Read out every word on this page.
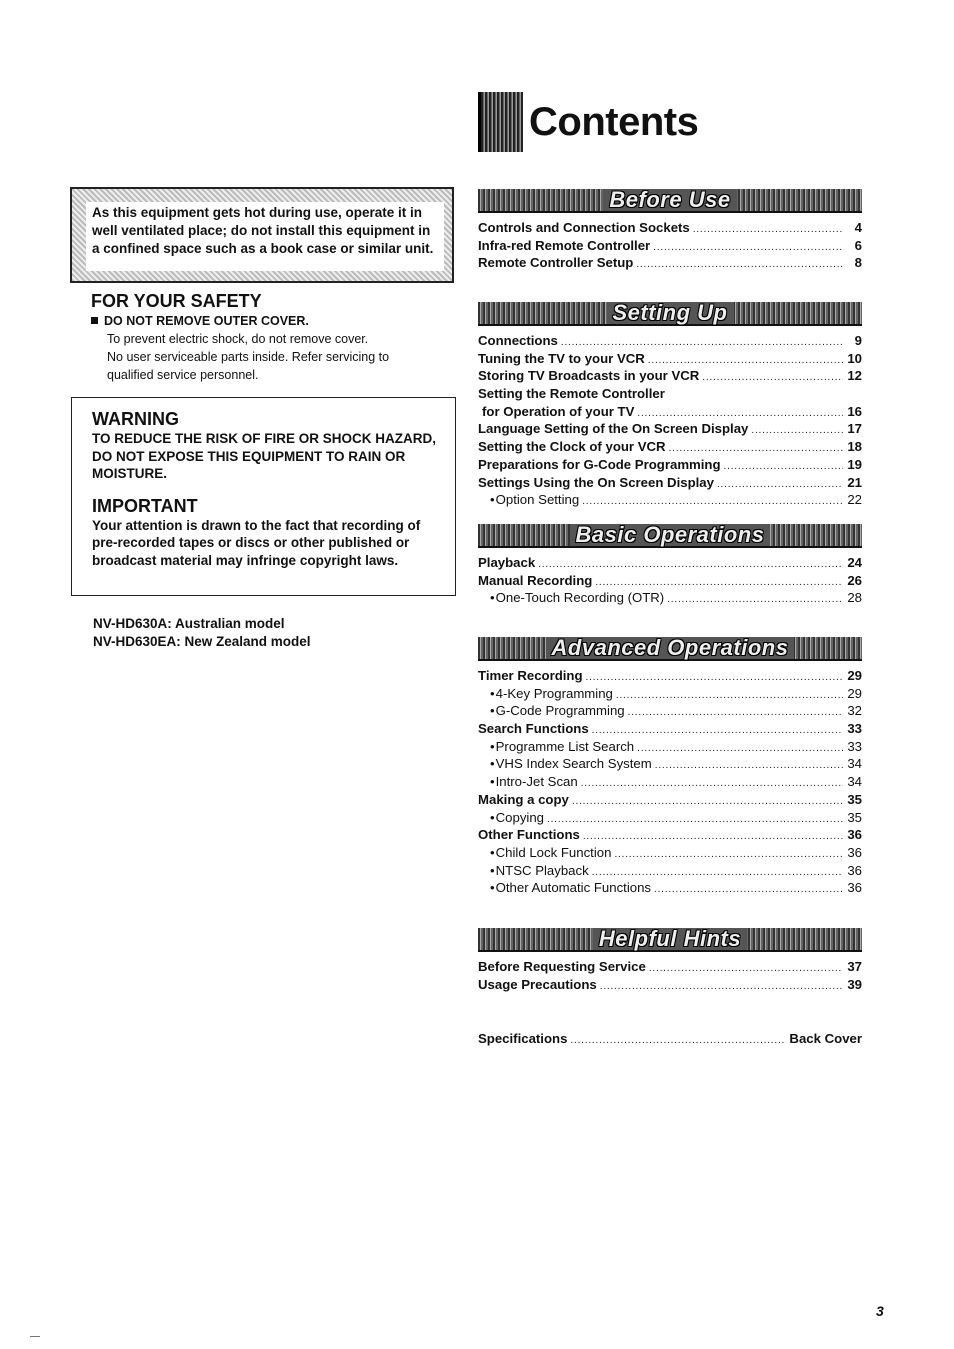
Contents
As this equipment gets hot during use, operate it in well ventilated place; do not install this equipment in a confined space such as a book case or similar unit.
FOR YOUR SAFETY
DO NOT REMOVE OUTER COVER.
To prevent electric shock, do not remove cover.
No user serviceable parts inside. Refer servicing to
qualified service personnel.
WARNING
TO REDUCE THE RISK OF FIRE OR SHOCK HAZARD, DO NOT EXPOSE THIS EQUIPMENT TO RAIN OR MOISTURE.
IMPORTANT
Your attention is drawn to the fact that recording of pre-recorded tapes or discs or other published or broadcast material may infringe copyright laws.
NV-HD630A: Australian model
NV-HD630EA: New Zealand model
Before Use
Controls and Connection Sockets .....	4
Infra-red Remote Controller .....	6
Remote Controller Setup .....	8
Setting Up
Connections .....	9
Tuning the TV to your VCR .....	10
Storing TV Broadcasts in your VCR .....	12
Setting the Remote Controller
for Operation of your TV .....	16
Language Setting of the On Screen Display .....	17
Setting the Clock of your VCR .....	18
Preparations for G-Code Programming .....	19
Settings Using the On Screen Display .....	21
• Option Setting .....	22
Basic Operations
Playback .....	24
Manual Recording .....	26
• One-Touch Recording (OTR) .....	28
Advanced Operations
Timer Recording .....	29
• 4-Key Programming .....	29
• G-Code Programming .....	32
Search Functions .....	33
• Programme List Search .....	33
• VHS Index Search System .....	34
• Intro-Jet Scan .....	34
Making a copy .....	35
• Copying .....	35
Other Functions .....	36
• Child Lock Function .....	36
• NTSC Playback .....	36
• Other Automatic Functions .....	36
Helpful Hints
Before Requesting Service .....	37
Usage Precautions .....	39
Specifications .....	Back Cover
3
